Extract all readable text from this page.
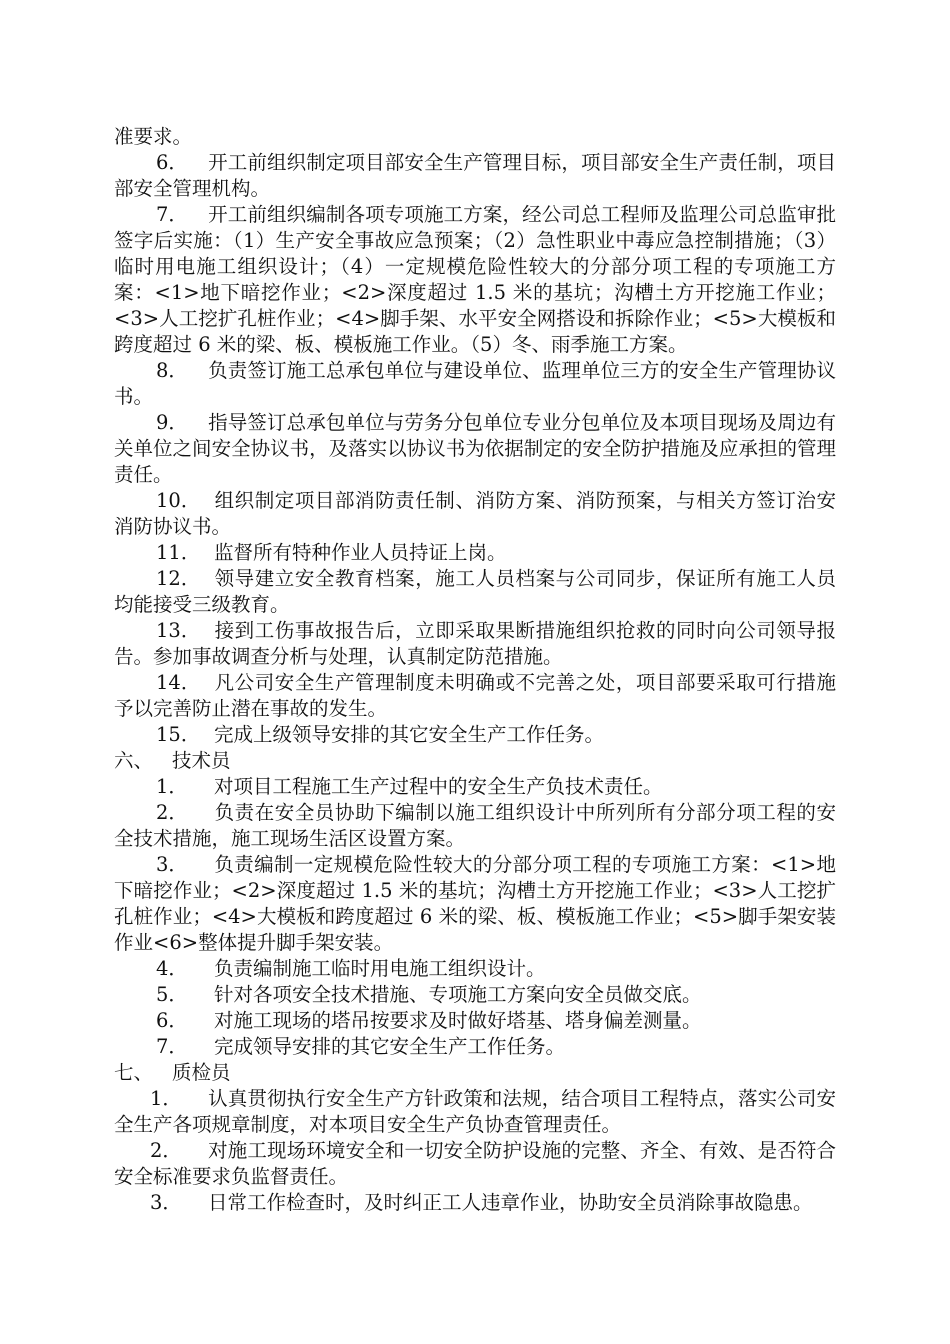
准要求。

6． 开工前组织制定项目部安全生产管理目标，项目部安全生产责任制，项目部安全管理机构。

7． 开工前组织编制各项专项施工方案，经公司总工程师及监理公司总监审批签字后实施：（1）生产安全事故应急预案；（2）急性职业中毒应急控制措施；（3）临时用电施工组织设计；（4）一定规模危险性较大的分部分项工程的专项施工方案：<1>地下暗挖作业；<2>深度超过 1.5 米的基坑；沟槽土方开挖施工作业；<3>人工挖扩孔桩作业；<4>脚手架、水平安全网搭设和拆除作业；<5>大模板和跨度超过 6 米的梁、板、模板施工作业。（5）冬、雨季施工方案。

8． 负责签订施工总承包单位与建设单位、监理单位三方的安全生产管理协议书。

9． 指导签订总承包单位与劳务分包单位专业分包单位及本项目现场及周边有关单位之间安全协议书，及落实以协议书为依据制定的安全防护措施及应承担的管理责任。

10． 组织制定项目部消防责任制、消防方案、消防预案，与相关方签订治安消防协议书。

11． 监督所有特种作业人员持证上岗。

12． 领导建立安全教育档案，施工人员档案与公司同步，保证所有施工人员均能接受三级教育。

13． 接到工伤事故报告后，立即采取果断措施组织抢救的同时向公司领导报告。参加事故调查分析与处理，认真制定防范措施。

14． 凡公司安全生产管理制度未明确或不完善之处，项目部要采取可行措施予以完善防止潜在事故的发生。

15． 完成上级领导安排的其它安全生产工作任务。

六、 技术员

1． 对项目工程施工生产过程中的安全生产负技术责任。

2． 负责在安全员协助下编制以施工组织设计中所列所有分部分项工程的安全技术措施，施工现场生活区设置方案。

3． 负责编制一定规模危险性较大的分部分项工程的专项施工方案：<1>地下暗挖作业；<2>深度超过 1.5 米的基坑；沟槽土方开挖施工作业；<3>人工挖扩孔桩作业；<4>大模板和跨度超过 6 米的梁、板、模板施工作业；<5>脚手架安装作业<6>整体提升脚手架安装。

4． 负责编制施工临时用电施工组织设计。

5． 针对各项安全技术措施、专项施工方案向安全员做交底。

6． 对施工现场的塔吊按要求及时做好塔基、塔身偏差测量。

7． 完成领导安排的其它安全生产工作任务。

七、 质检员

1． 认真贯彻执行安全生产方针政策和法规，结合项目工程特点，落实公司安全生产各项规章制度，对本项目安全生产负协查管理责任。

2． 对施工现场环境安全和一切安全防护设施的完整、齐全、有效、是否符合安全标准要求负监督责任。

3． 日常工作检查时，及时纠正工人违章作业，协助安全员消除事故隐患。
